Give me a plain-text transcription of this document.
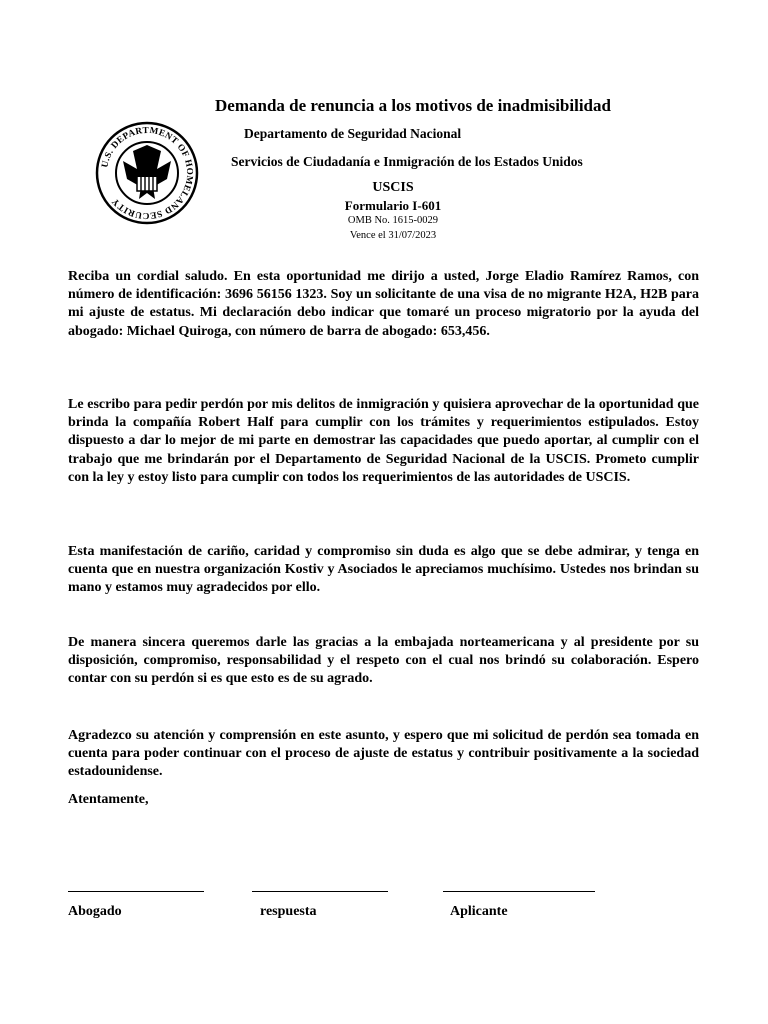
Demanda de renuncia a los motivos de inadmisibilidad
U.S. DEPARTMENT OF HOMELAND SECURITY
Departamento de Seguridad Nacional
Servicios de Ciudadanía e Inmigración de los Estados Unidos
USCIS
Formulario I-601
OMB No. 1615-0029
Vence el 31/07/2023

Reciba un cordial saludo. En esta oportunidad me dirijo a usted, Jorge Eladio Ramírez Ramos, con número de identificación: 3696 56156 1323. Soy un solicitante de una visa de no migrante H2A, H2B para mi ajuste de estatus. Mi declaración debo indicar que tomaré un proceso migratorio por la ayuda del abogado: Michael Quiroga, con número de barra de abogado: 653,456.

Le escribo para pedir perdón por mis delitos de inmigración y quisiera aprovechar de la oportunidad que brinda la compañía Robert Half para cumplir con los trámites y requerimientos estipulados. Estoy dispuesto a dar lo mejor de mi parte en demostrar las capacidades que puedo aportar, al cumplir con el trabajo que me brindarán por el Departamento de Seguridad Nacional de la USCIS. Prometo cumplir con la ley y estoy listo para cumplir con todos los requerimientos de las autoridades de USCIS.

Esta manifestación de cariño, caridad y compromiso sin duda es algo que se debe admirar, y tenga en cuenta que en nuestra organización Kostiv y Asociados le apreciamos muchísimo. Ustedes nos brindan su mano y estamos muy agradecidos por ello.

De manera sincera queremos darle las gracias a la embajada norteamericana y al presidente por su disposición, compromiso, responsabilidad y el respeto con el cual nos brindó su colaboración. Espero contar con su perdón si es que esto es de su agrado.

Agradezco su atención y comprensión en este asunto, y espero que mi solicitud de perdón sea tomada en cuenta para poder continuar con el proceso de ajuste de estatus y contribuir positivamente a la sociedad estadounidense.

Atentamente,
Abogado	respuesta	Aplicante
